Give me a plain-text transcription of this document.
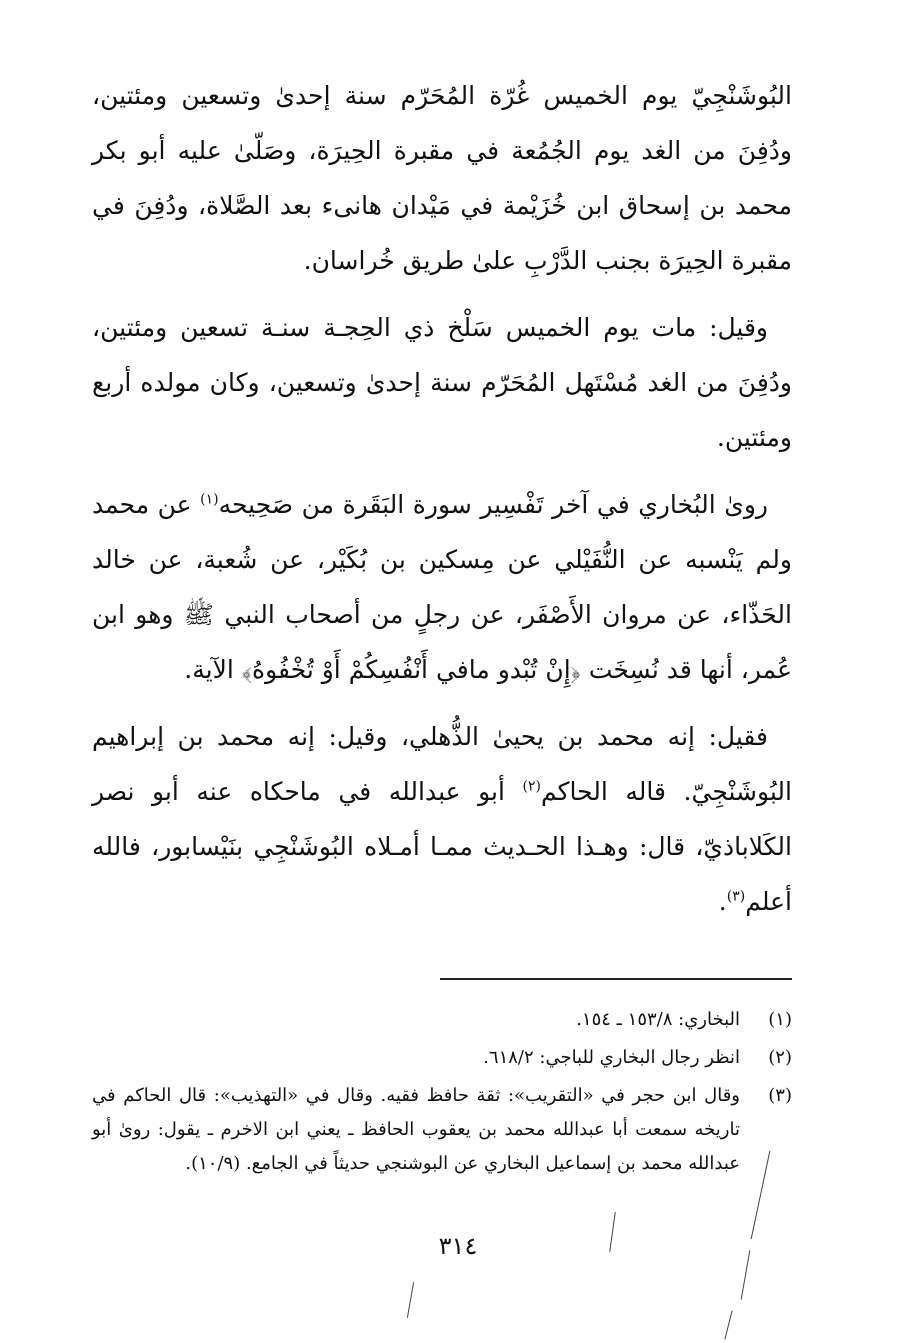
البُوشَنْجِيّ يوم الخميس غُرّة المُحَرّم سنة إحدىٰ وتسعين ومئتين، ودُفِنَ من الغد يوم الجُمُعة في مقبرة الحِيرَة، وصَلّىٰ عليه أبو بكر محمد بن إسحاق ابن خُزَيْمة في مَيْدان هانىء بعد الصَّلاة، ودُفِنَ في مقبرة الحِيرَة بجنب الدَّرْبِ علىٰ طريق خُراسان.

وقيل: مات يوم الخميس سَلْخ ذي الحِجـة سنـة تسعين ومئتين، ودُفِنَ من الغد مُسْتَهل المُحَرّم سنة إحدىٰ وتسعين، وكان مولده أربع ومئتين.

رویٰ البُخاري في آخر تَفْسِير سورة البَقَرة من صَحِيحه$^{(١)}$ عن محمد ولم يَنْسبه عن النُّفَيْلي عن مِسكين بن بُكَيْر، عن شُعبة، عن خالد الحَذّاء، عن مروان الأَصْفَر، عن رجلٍ من أصحاب النبي ﷺ وهو ابن عُمر، أنها قد نُسِخَت ﴿إِنْ تُبْدو مافي أَنْفُسِكُمْ أَوْ تُخْفُوهُ﴾ الآية.

فقيل: إنه محمد بن يحيىٰ الذُّهلي، وقيل: إنه محمد بن إبراهيم البُوشَنْجِيّ. قاله الحاكم$^{(٢)}$ أبو عبدالله في ماحكاه عنه أبو نصر الكَلاباذيّ، قال: وهـذا الحـديث ممـا أمـلاه البُوشَنْجِي بنَيْسابور، فالله أعلم$^{(٣)}$.

(١)
البخاري: ١٥٣/٨ ـ ١٥٤.
(٢)
انظر رجال البخاري للباجي: ٦١٨/٢.
(٣)
وقال ابن حجر في «التقريب»: ثقة حافظ فقيه. وقال في «التهذيب»: قال الحاكم في تاريخه سمعت أبا عبدالله محمد بن يعقوب الحافظ ـ يعني ابن الاخرم ـ يقول: رویٰ أبو عبدالله محمد بن إسماعيل البخاري عن البوشنجي حديثاً في الجامع. (١٠/٩).
٣١٤
